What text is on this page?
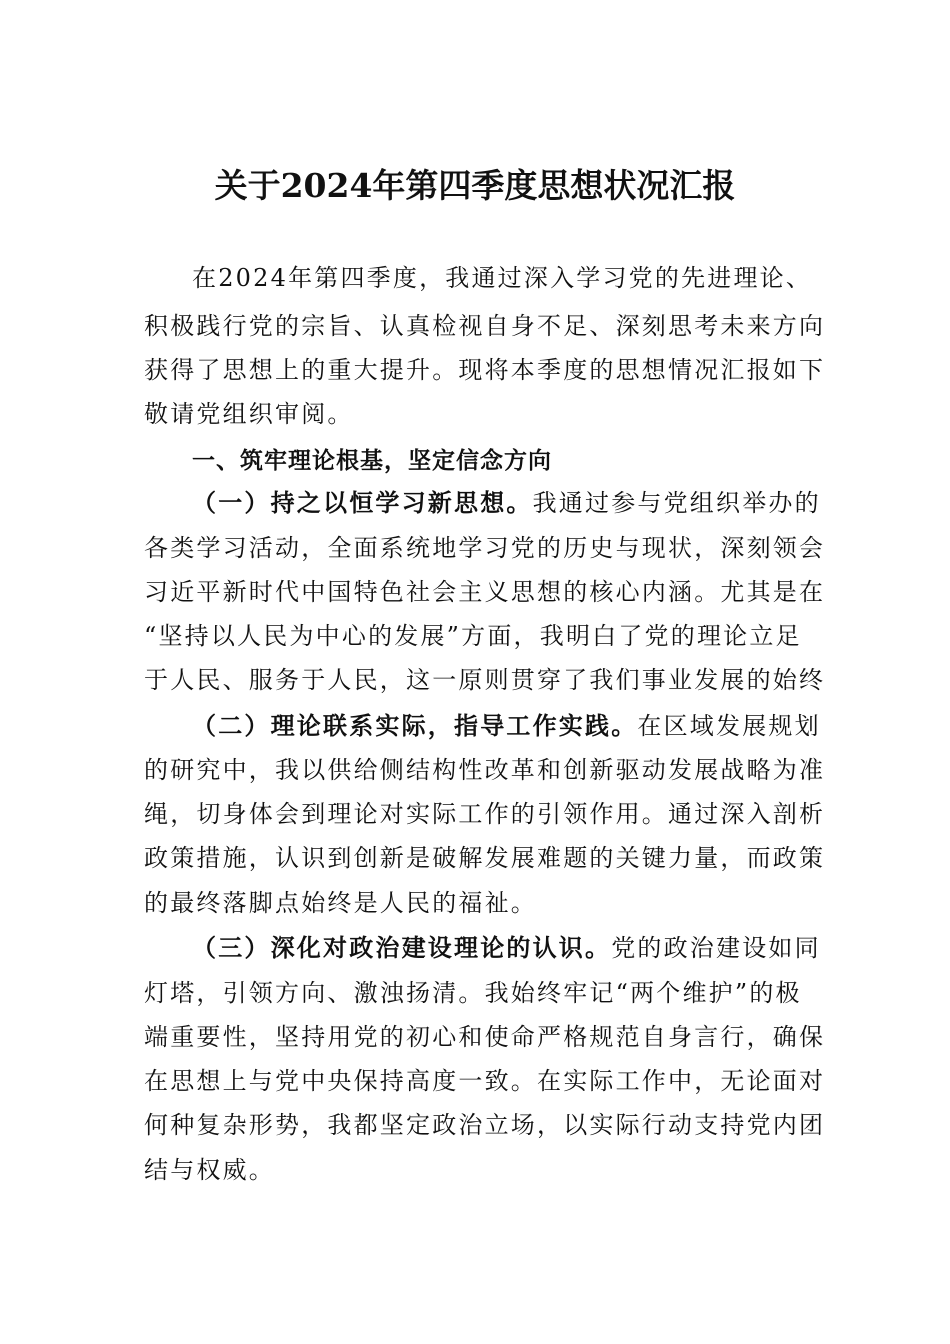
关于2024年第四季度思想状况汇报
在2024年第四季度，我通过深入学习党的先进理论、
积极践行党的宗旨、认真检视自身不足、深刻思考未来方向
获得了思想上的重大提升。现将本季度的思想情况汇报如下
敬请党组织审阅。
一、筑牢理论根基，坚定信念方向
（一）持之以恒学习新思想。我通过参与党组织举办的
各类学习活动，全面系统地学习党的历史与现状，深刻领会
习近平新时代中国特色社会主义思想的核心内涵。尤其是在
“坚持以人民为中心的发展”方面，我明白了党的理论立足
于人民、服务于人民，这一原则贯穿了我们事业发展的始终
（二）理论联系实际，指导工作实践。在区域发展规划
的研究中，我以供给侧结构性改革和创新驱动发展战略为准
绳，切身体会到理论对实际工作的引领作用。通过深入剖析
政策措施，认识到创新是破解发展难题的关键力量，而政策
的最终落脚点始终是人民的福祉。
（三）深化对政治建设理论的认识。党的政治建设如同
灯塔，引领方向、激浊扬清。我始终牢记“两个维护”的极
端重要性，坚持用党的初心和使命严格规范自身言行，确保
在思想上与党中央保持高度一致。在实际工作中，无论面对
何种复杂形势，我都坚定政治立场，以实际行动支持党内团
结与权威。
